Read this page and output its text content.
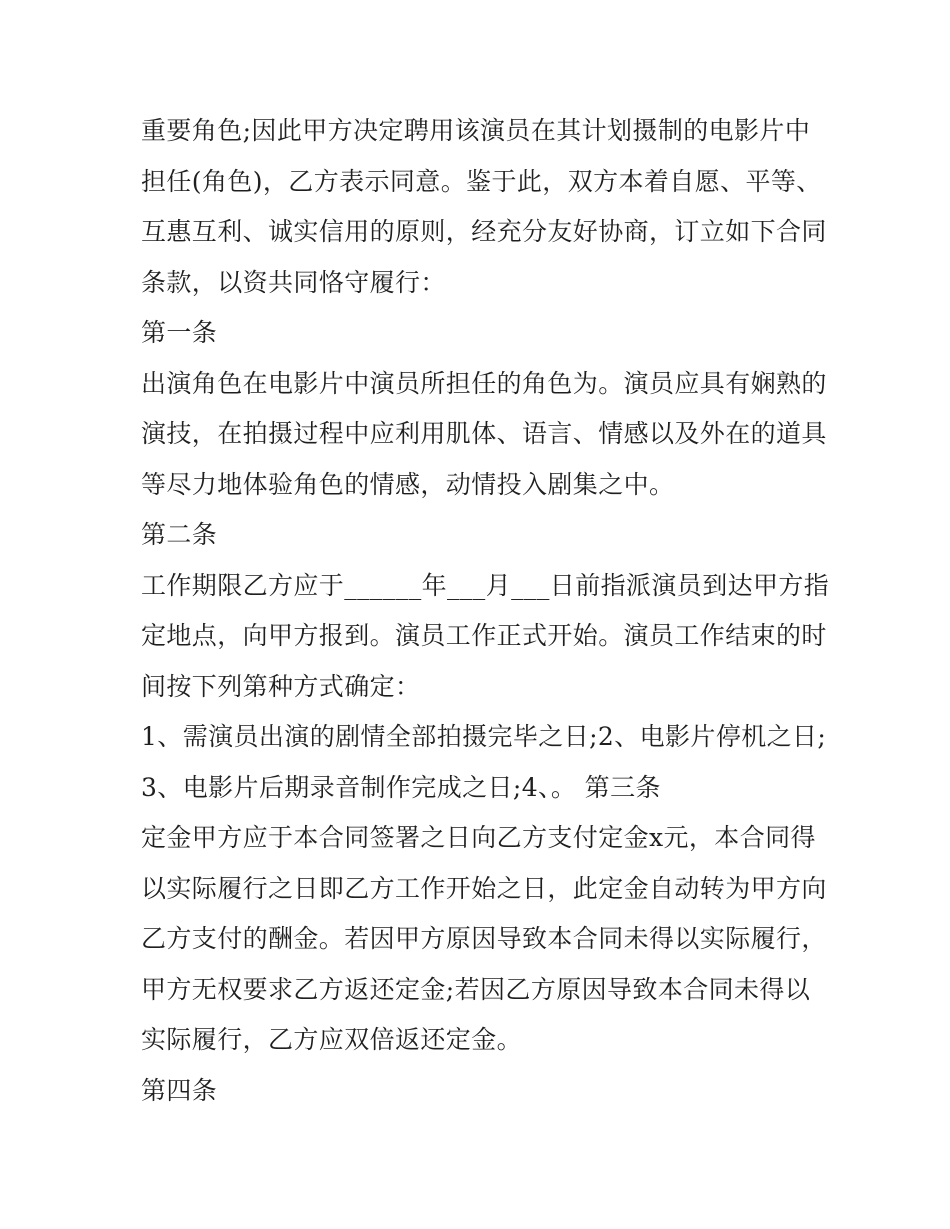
重要角色;因此甲方决定聘用该演员在其计划摄制的电影片中
担任(角色)，乙方表示同意。鉴于此，双方本着自愿、平等、
互惠互利、诚实信用的原则，经充分友好协商，订立如下合同
条款，以资共同恪守履行：
第一条
出演角色在电影片中演员所担任的角色为。演员应具有娴熟的
演技，在拍摄过程中应利用肌体、语言、情感以及外在的道具
等尽力地体验角色的情感，动情投入剧集之中。
第二条
工作期限乙方应于______年___月___日前指派演员到达甲方指
定地点，向甲方报到。演员工作正式开始。演员工作结束的时
间按下列第种方式确定：
1、需演员出演的剧情全部拍摄完毕之日;2、电影片停机之日;
3、电影片后期录音制作完成之日;4、。 第三条
定金甲方应于本合同签署之日向乙方支付定金x元，本合同得
以实际履行之日即乙方工作开始之日，此定金自动转为甲方向
乙方支付的酬金。若因甲方原因导致本合同未得以实际履行，
甲方无权要求乙方返还定金;若因乙方原因导致本合同未得以
实际履行，乙方应双倍返还定金。
第四条
